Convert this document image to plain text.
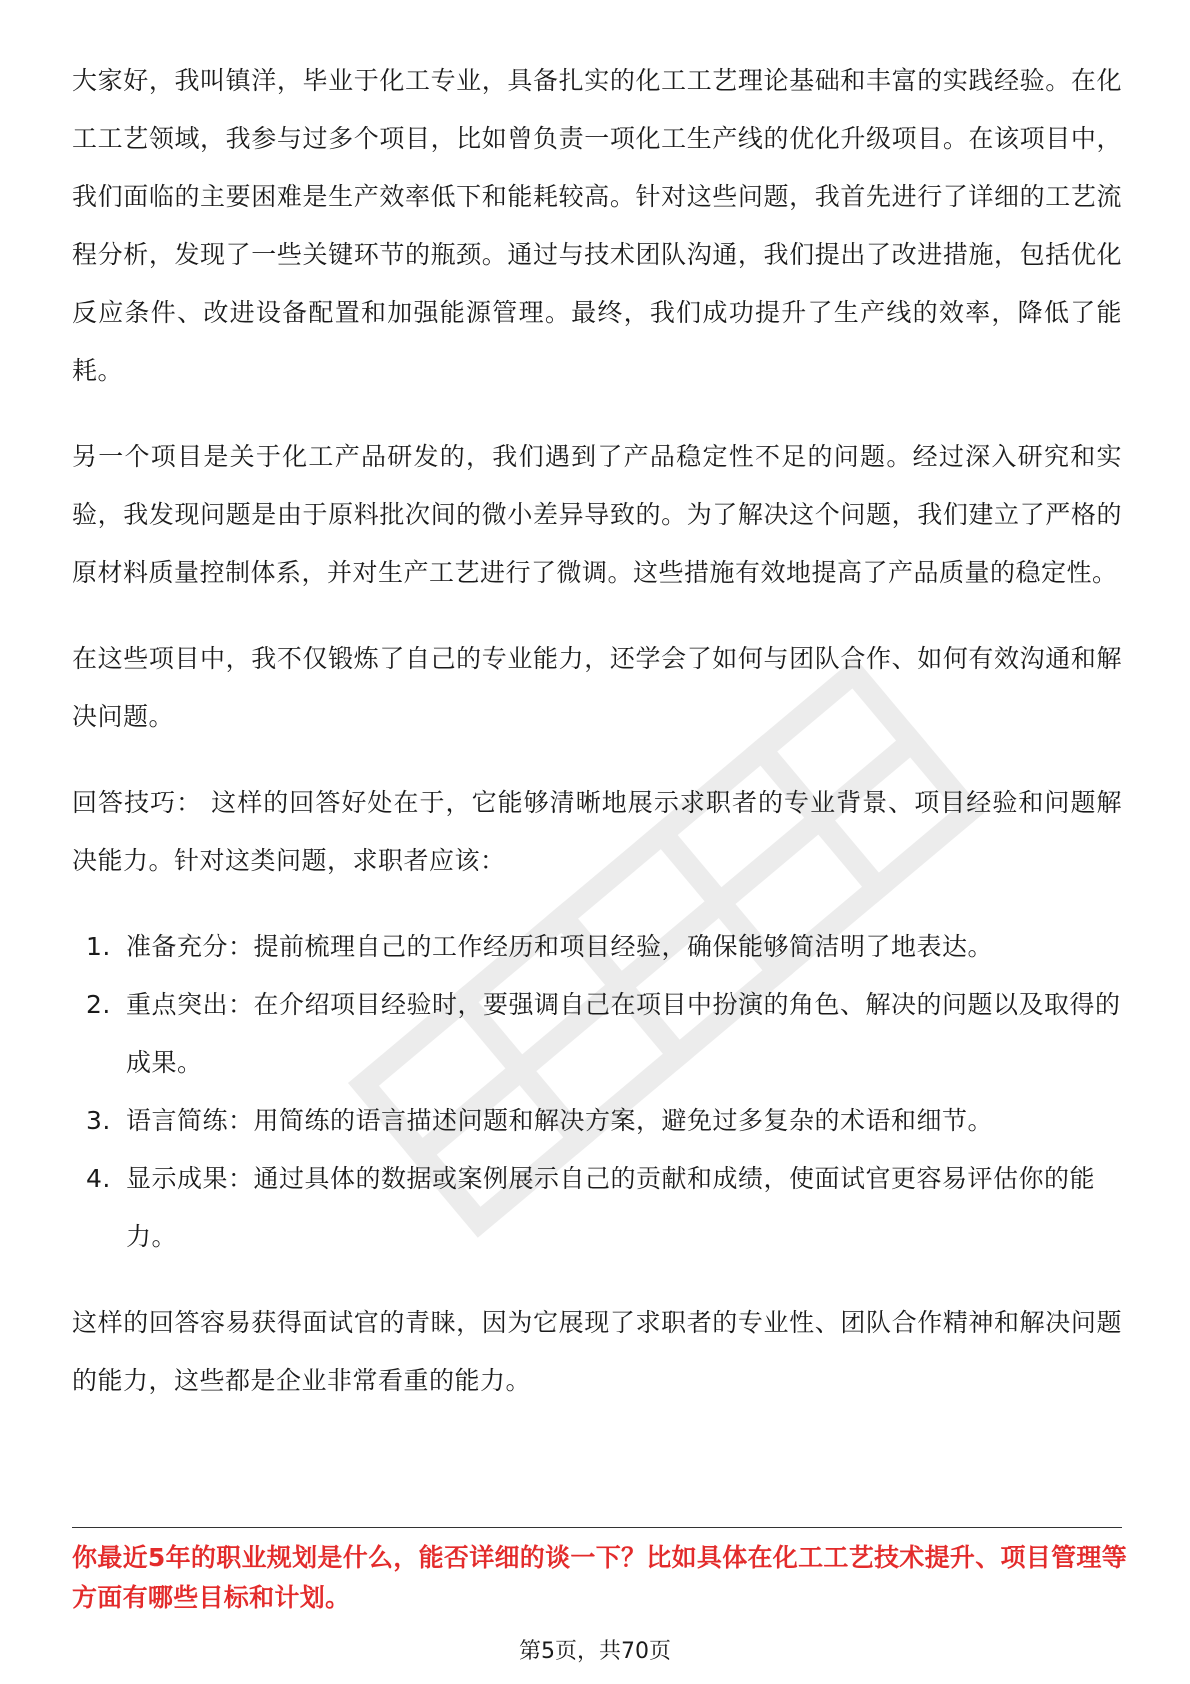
大家好，我叫镇洋，毕业于化工专业，具备扎实的化工工艺理论基础和丰富的实践经验。在化工工艺领域，我参与过多个项目，比如曾负责一项化工生产线的优化升级项目。在该项目中，我们面临的主要困难是生产效率低下和能耗较高。针对这些问题，我首先进行了详细的工艺流程分析，发现了一些关键环节的瓶颈。通过与技术团队沟通，我们提出了改进措施，包括优化反应条件、改进设备配置和加强能源管理。最终，我们成功提升了生产线的效率，降低了能耗。

另一个项目是关于化工产品研发的，我们遇到了产品稳定性不足的问题。经过深入研究和实验，我发现问题是由于原料批次间的微小差异导致的。为了解决这个问题，我们建立了严格的原材料质量控制体系，并对生产工艺进行了微调。这些措施有效地提高了产品质量的稳定性。

在这些项目中，我不仅锻炼了自己的专业能力，还学会了如何与团队合作、如何有效沟通和解决问题。

回答技巧： 这样的回答好处在于，它能够清晰地展示求职者的专业背景、项目经验和问题解决能力。针对这类问题，求职者应该：

1. 准备充分：提前梳理自己的工作经历和项目经验，确保能够简洁明了地表达。
2. 重点突出：在介绍项目经验时，要强调自己在项目中扮演的角色、解决的问题以及取得的成果。
3. 语言简练：用简练的语言描述问题和解决方案，避免过多复杂的术语和细节。
4. 显示成果：通过具体的数据或案例展示自己的贡献和成绩，使面试官更容易评估你的能力。

这样的回答容易获得面试官的青睐，因为它展现了求职者的专业性、团队合作精神和解决问题的能力，这些都是企业非常看重的能力。

你最近5年的职业规划是什么，能否详细的谈一下？比如具体在化工工艺技术提升、项目管理等方面有哪些目标和计划。

第5页，共70页
